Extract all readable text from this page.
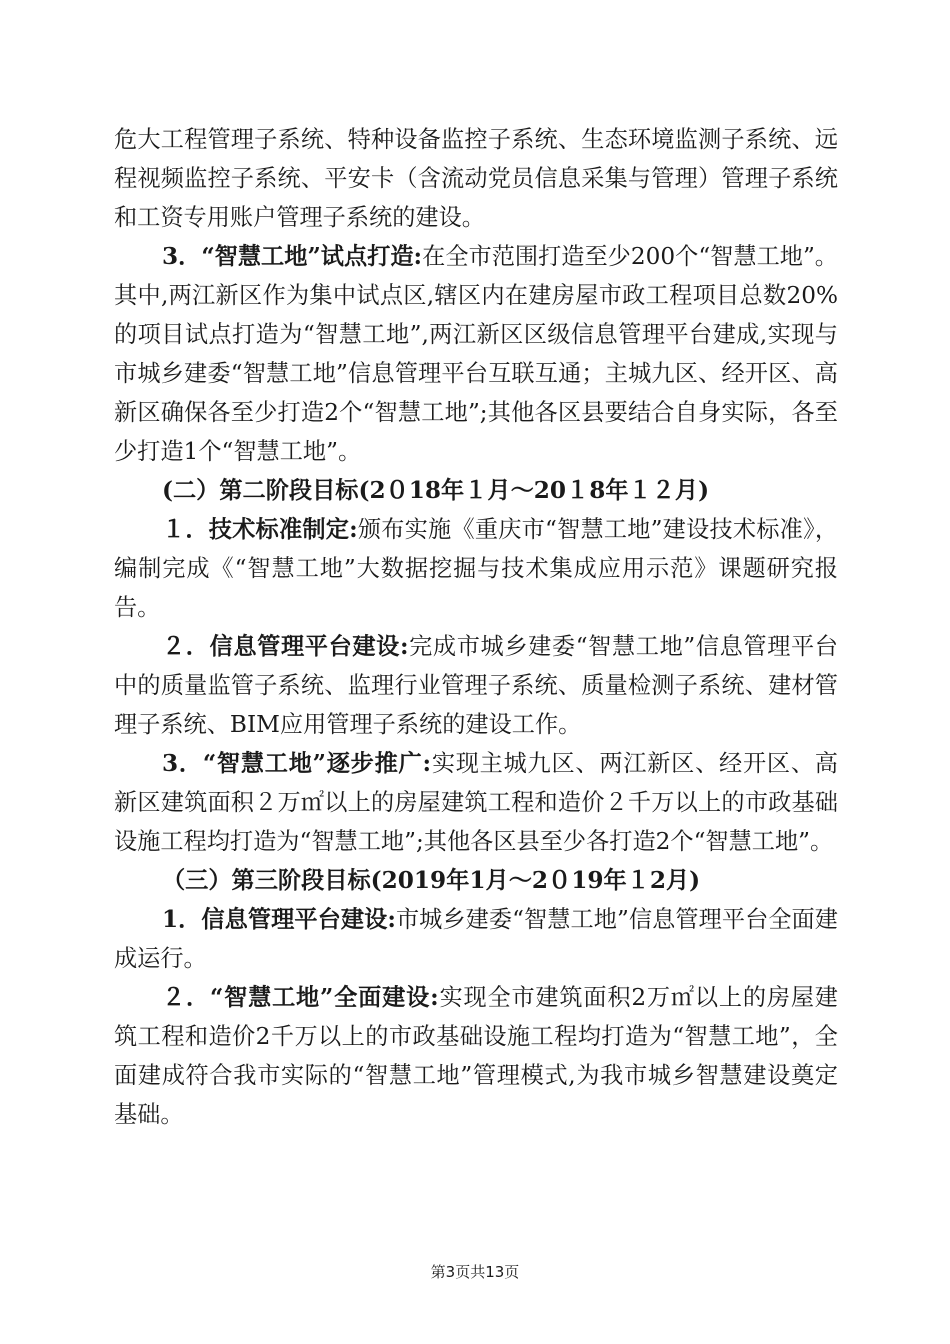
危大工程管理子系统、特种设备监控子系统、生态环境监测子系统、远程视频监控子系统、平安卡（含流动党员信息采集与管理）管理子系统和工资专用账户管理子系统的建设。

3．“智慧工地”试点打造:在全市范围打造至少200个“智慧工地”。其中,两江新区作为集中试点区,辖区内在建房屋市政工程项目总数20%的项目试点打造为“智慧工地”,两江新区区级信息管理平台建成,实现与市城乡建委“智慧工地”信息管理平台互联互通；主城九区、经开区、高新区确保各至少打造2个“智慧工地”;其他各区县要结合自身实际，各至少打造1个“智慧工地”。

(二）第二阶段目标(2０18年１月～20１8年１２月)

１．技术标准制定:颁布实施《重庆市“智慧工地”建设技术标准》，编制完成《“智慧工地”大数据挖掘与技术集成应用示范》课题研究报告。

２．信息管理平台建设:完成市城乡建委“智慧工地”信息管理平台中的质量监管子系统、监理行业管理子系统、质量检测子系统、建材管理子系统、BIM应用管理子系统的建设工作。

3．“智慧工地”逐步推广:实现主城九区、两江新区、经开区、高新区建筑面积２万㎡以上的房屋建筑工程和造价２千万以上的市政基础设施工程均打造为“智慧工地”;其他各区县至少各打造2个“智慧工地”。

（三）第三阶段目标(2019年1月～2０19年１2月)

1．信息管理平台建设:市城乡建委“智慧工地”信息管理平台全面建成运行。

２．“智慧工地”全面建设:实现全市建筑面积2万㎡以上的房屋建筑工程和造价2千万以上的市政基础设施工程均打造为“智慧工地”，全面建成符合我市实际的“智慧工地”管理模式,为我市城乡智慧建设奠定基础。

第3页共13页
